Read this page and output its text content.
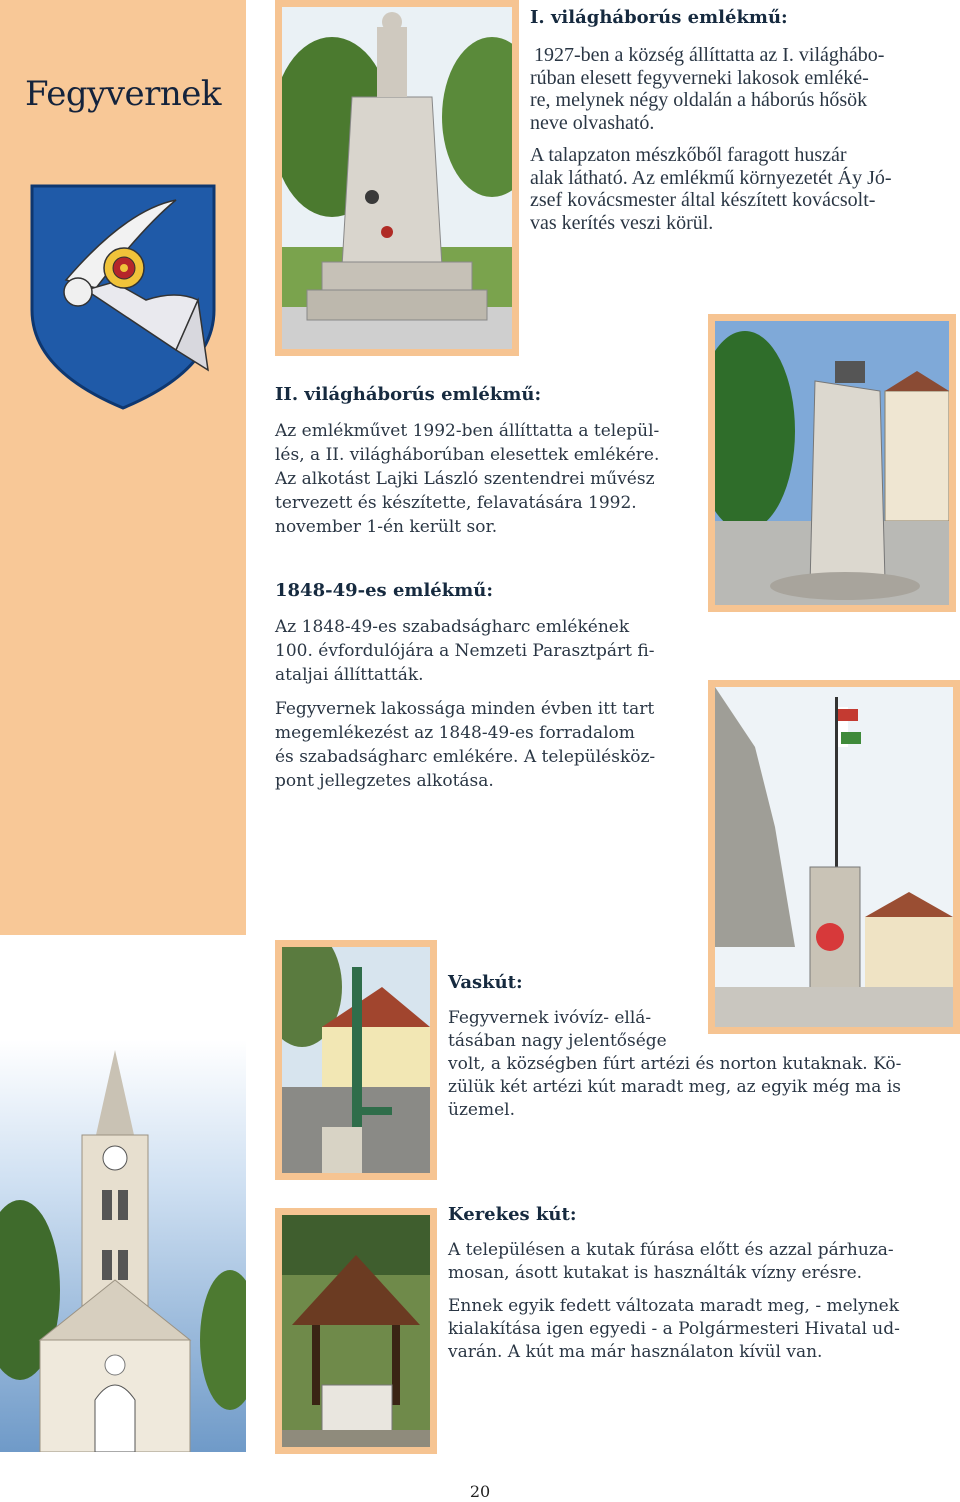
Fegyvernek
I. világháborús emlékmű:
1927-ben a község állíttatta az I. világhábo-
rúban elesett fegyverneki lakosok emléké-
re, melynek négy oldalán a háborús hősök
neve olvasható.
A talapzaton mészkőből faragott huszár
alak látható. Az emlékmű környezetét Áy Jó-
zsef kovácsmester által készített kovácsolt-
vas kerítés veszi körül.
II. világháborús emlékmű:
Az emlékművet 1992-ben állíttatta a települ-
lés, a II. világháborúban elesettek emlékére.
Az alkotást Lajki László szentendrei művész
tervezett és készítette, felavatására 1992.
november 1-én került sor.
1848-49-es emlékmű:
Az 1848-49-es szabadságharc emlékének
100. évfordulójára a Nemzeti Parasztpárt fi-
ataljai állíttatták.
Fegyvernek lakossága minden évben itt tart
megemlékezést az 1848-49-es forradalom
és szabadságharc emlékére. A településköz-
pont jellegzetes alkotása.
Vaskút:
Fegyvernek ivóvíz- ellá-
tásában nagy jelentősége
volt, a községben fúrt artézi és norton kutaknak. Kö-
zülük két artézi kút maradt meg, az egyik még ma is
üzemel.
Kerekes kút:
A településen a kutak fúrása előtt és azzal párhuza-
mosan, ásott kutakat is használták vízny erésre.
Ennek egyik fedett változata maradt meg, - melynek
kialakítása igen egyedi - a Polgármesteri Hivatal ud-
varán. A kút ma már használaton kívül van.
20
